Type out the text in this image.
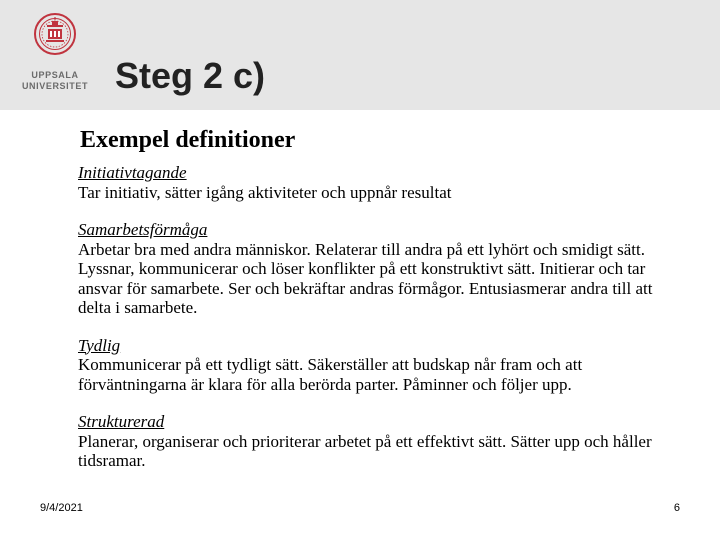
UPPSALA
UNIVERSITET Steg 2 c)
Exempel definitioner
Initiativtagande
Tar initiativ, sätter igång aktiviteter och uppnår resultat
Samarbetsförmåga
Arbetar bra med andra människor. Relaterar till andra på ett lyhört och smidigt sätt. Lyssnar, kommunicerar och löser konflikter på ett konstruktivt sätt. Initierar och tar ansvar för samarbete. Ser och bekräftar andras förmågor. Entusiasmerar andra till att delta i samarbete.
Tydlig
Kommunicerar på ett tydligt sätt. Säkerställer att budskap når fram och att förväntningarna är klara för alla berörda parter. Påminner och följer upp.
Strukturerad
Planerar, organiserar och prioriterar arbetet på ett effektivt sätt. Sätter upp och håller tidsramar.
9/4/2021	6
